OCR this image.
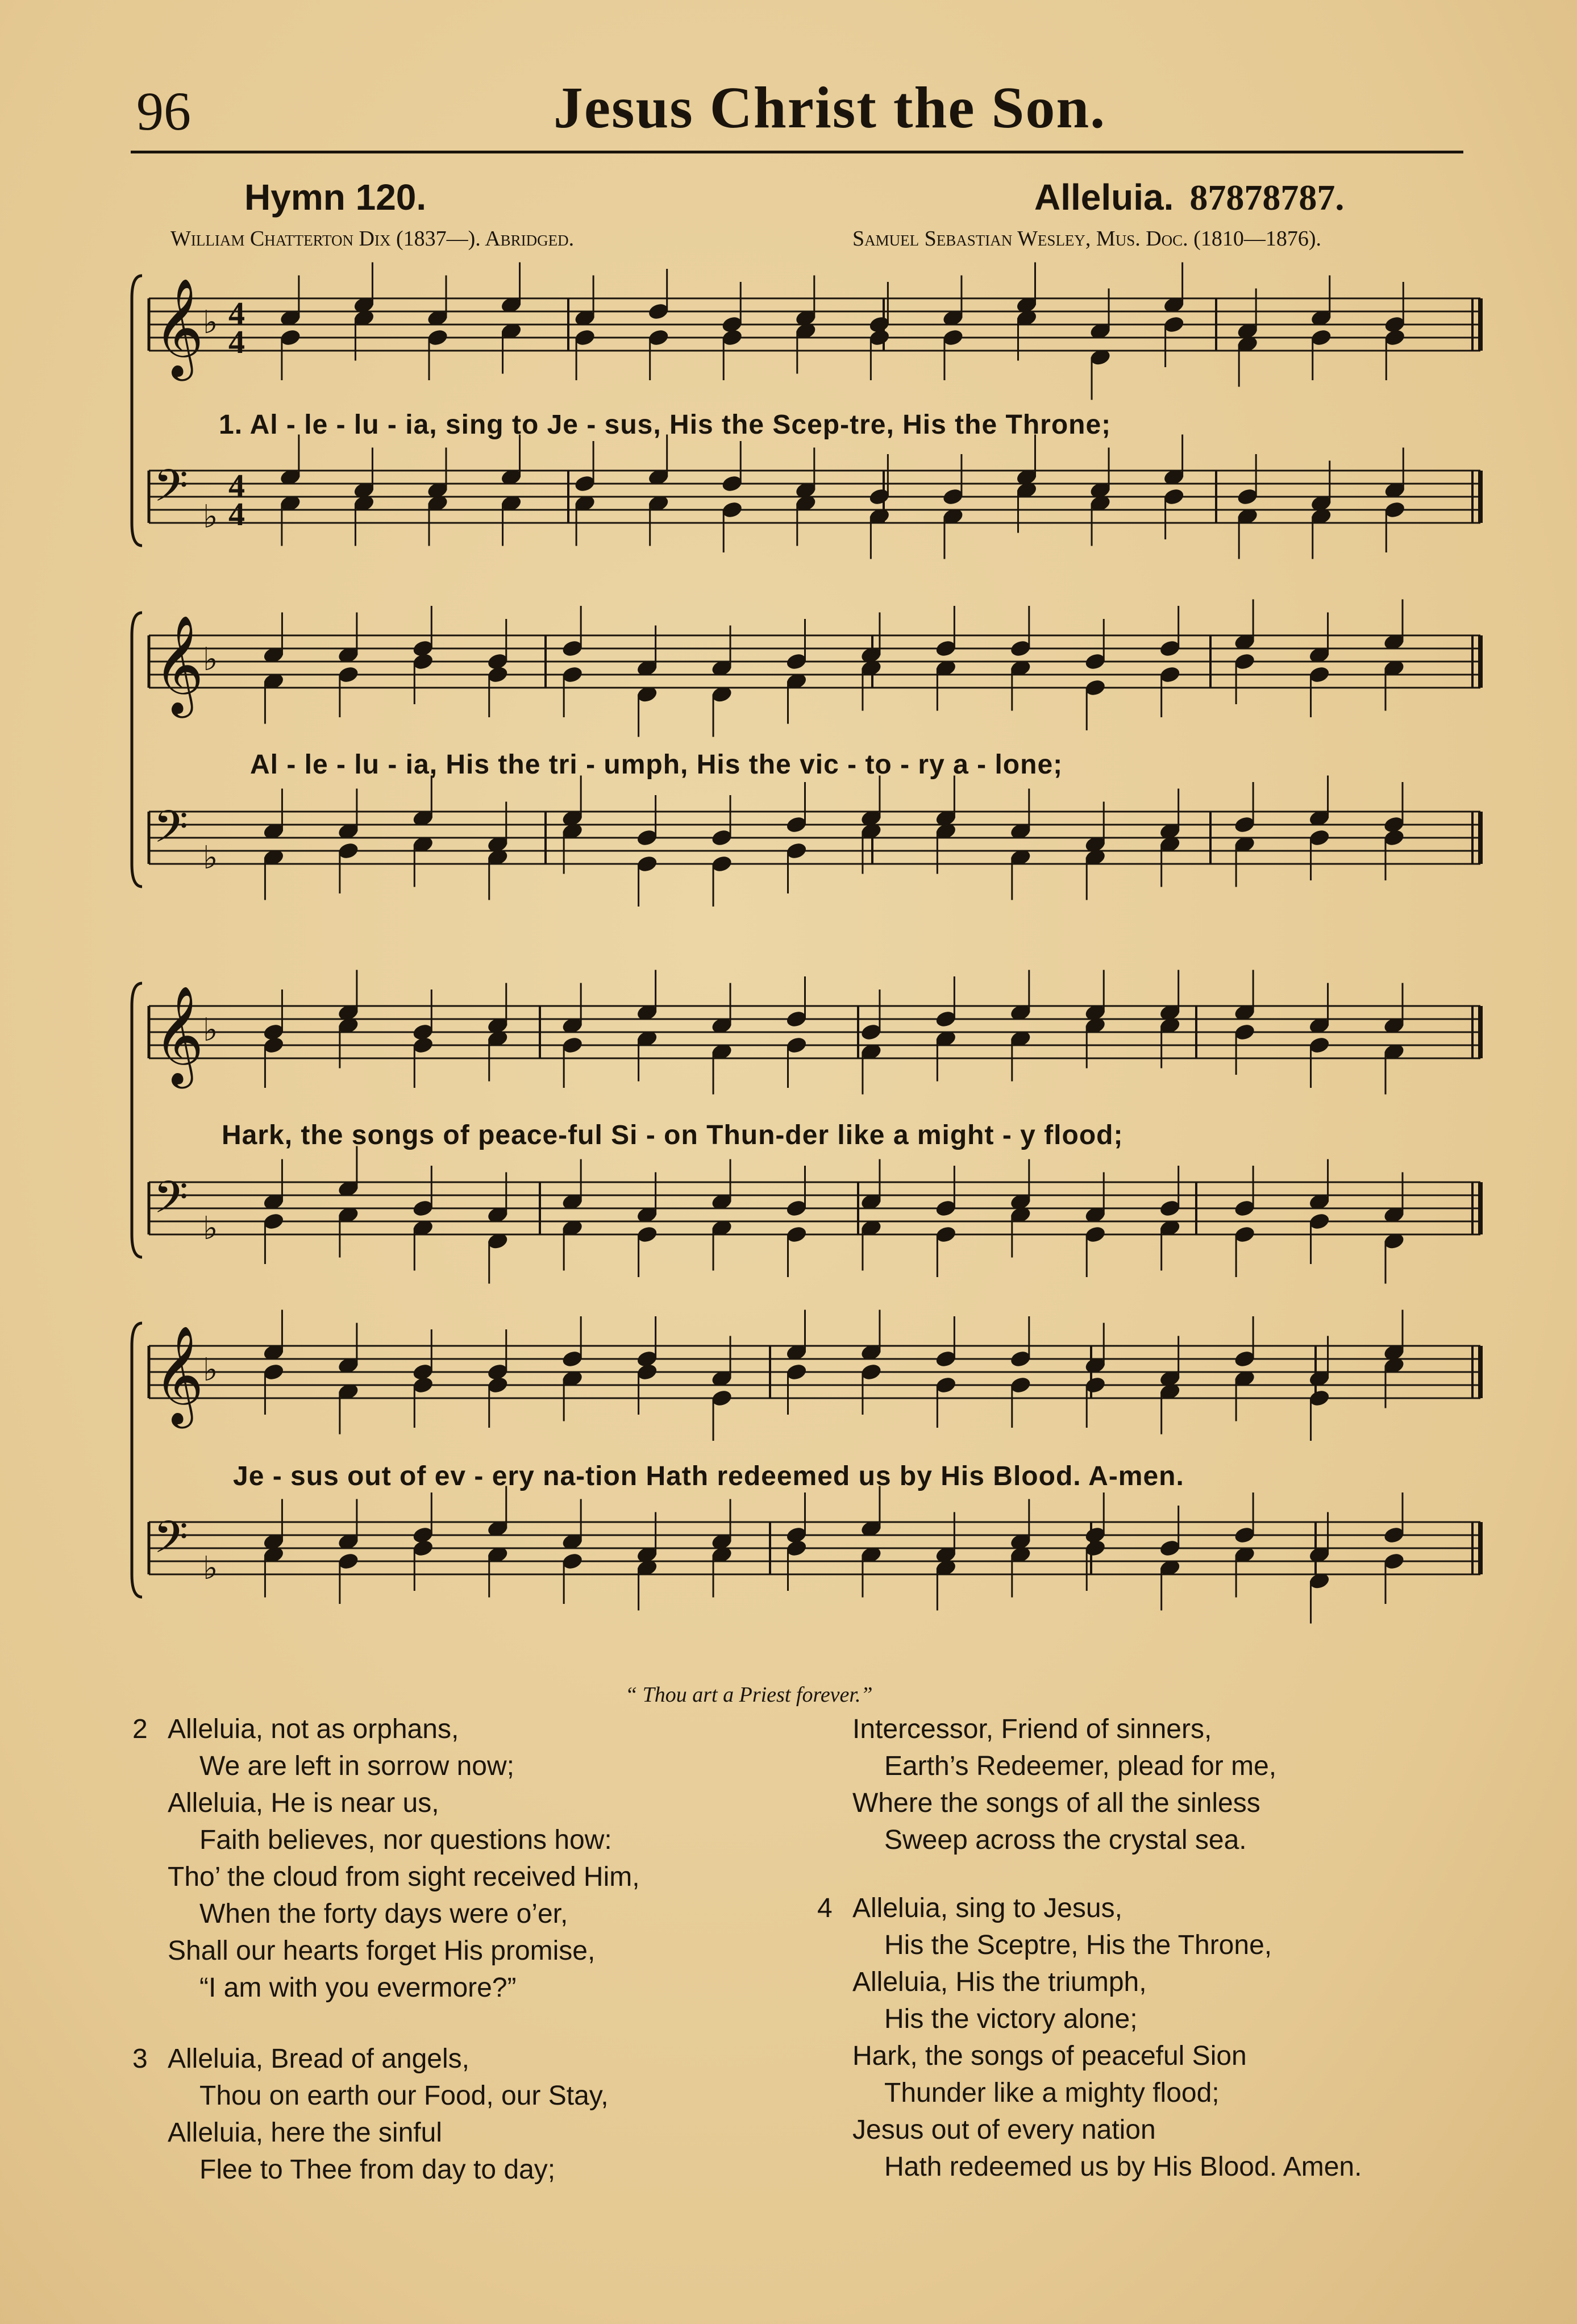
96	Jesus Christ the Son.
Hymn 120.	Alleluia. 87878787.
William Chatterton Dix (1837—). Abridged.	Samuel Sebastian Wesley, Mus. Doc. (1810—1876).
𝄞
♭ 4
4
𝄢 ♭
4
4
𝄞
♭
𝄢 ♭
𝄞
♭
𝄢 ♭
𝄞
♭
𝄢 ♭
1. Al - le - lu - ia, sing to Je - sus, His the Scep-tre, His the Throne;
Al - le - lu - ia, His the tri - umph, His the vic - to - ry a - lone;
Hark, the songs of peace-ful Si - on Thun-der like a might - y flood;
Je - sus out of ev - ery na-tion Hath redeemed us by His Blood. A-men.
“ Thou art a Priest forever.”
2 Alleluia, not as orphans,
We are left in sorrow now;
Alleluia, He is near us,
Faith believes, nor questions how:
Tho’ the cloud from sight received Him,
When the forty days were o’er,
Shall our hearts forget His promise,
“I am with you evermore?”
3 Alleluia, Bread of angels,
Thou on earth our Food, our Stay,
Alleluia, here the sinful
Flee to Thee from day to day;
Intercessor, Friend of sinners,
Earth’s Redeemer, plead for me,
Where the songs of all the sinless
Sweep across the crystal sea.
4 Alleluia, sing to Jesus,
His the Sceptre, His the Throne,
Alleluia, His the triumph,
His the victory alone;
Hark, the songs of peaceful Sion
Thunder like a mighty flood;
Jesus out of every nation
Hath redeemed us by His Blood. Amen.
